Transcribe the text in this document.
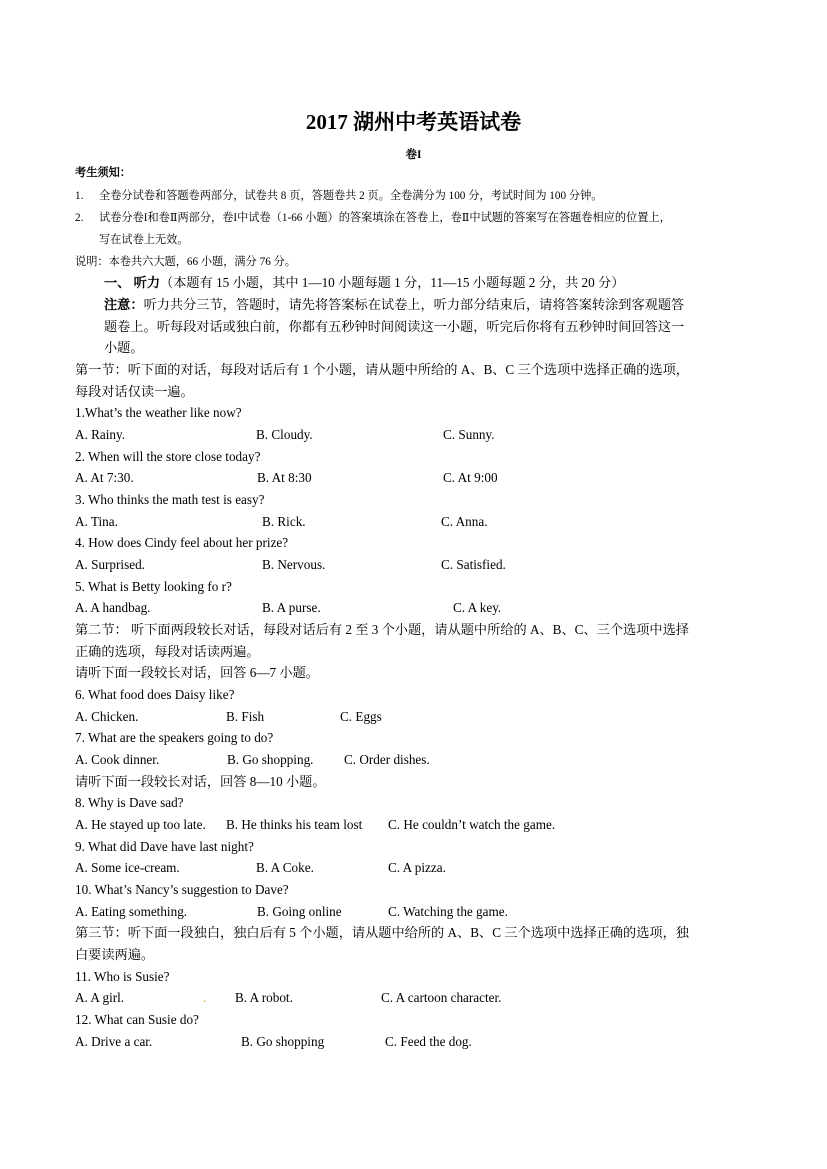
2017 湖州中考英语试卷
卷I
考生须知：
1. 全卷分试卷和答题卷两部分，试卷共 8 页，答题卷共 2 页。全卷满分为 100 分，考试时间为 100 分钟。
2. 试卷分卷I和卷Ⅱ两部分，卷I中试卷（1-66 小题）的答案填涂在答卷上，卷Ⅱ中试题的答案写在答题卷相应的位置上，
写在试卷上无效。
说明：本卷共六大题，66 小题，满分 76 分。
一、 听力（本题有 15 小题，其中 1—10 小题每题 1 分，11—15 小题每题 2 分，共 20 分）
注意：听力共分三节，答题时，请先将答案标在试卷上，听力部分结束后，请将答案转涂到客观题答
题卷上。听每段对话或独白前，你都有五秒钟时间阅读这一小题，听完后你将有五秒钟时间回答这一
小题。
第一节：听下面的对话，每段对话后有 1 个小题，请从题中所给的 A、B、C 三个选项中选择正确的选项，
每段对话仅读一遍。
1.What’s the weather like now?
A. Rainy.	B. Cloudy.	C. Sunny.
2. When will the store close today?
A. At 7:30.	B. At 8:30	C. At 9:00
3. Who thinks the math test is easy?
A. Tina.	B. Rick.	C. Anna.
4. How does Cindy feel about her prize?
A. Surprised.	B. Nervous.	C. Satisfied.
5. What is Betty looking fo r?
A. A handbag.	B. A purse.	C. A key.
第二节： 听下面两段较长对话，每段对话后有 2 至 3 个小题，请从题中所给的 A、B、C、三个选项中选择
正确的选项，每段对话读两遍。
请听下面一段较长对话，回答 6—7 小题。
6. What food does Daisy like?
A. Chicken.	B. Fish	C. Eggs
7. What are the speakers going to do?
A. Cook dinner.	B. Go shopping. C. Order dishes.
请听下面一段较长对话，回答 8—10 小题。
8. Why is Dave sad?
A. He stayed up too late. B. He thinks his team lost C. He couldn’t watch the game.
9. What did Dave have last night?
A. Some ice-cream.	B. A Coke.	C. A pizza.
10. What’s Nancy’s suggestion to Dave?
A. Eating something.	B. Going online	C. Watching the game.
第三节：听下面一段独白，独白后有 5 个小题，请从题中给所的 A、B、C 三个选项中选择正确的选项，独
白要读两遍。
11. Who is Susie?
A. A girl.	. B. A robot.	C. A cartoon character.
12. What can Susie do?
A. Drive a car.	B. Go shopping	C. Feed the dog.
